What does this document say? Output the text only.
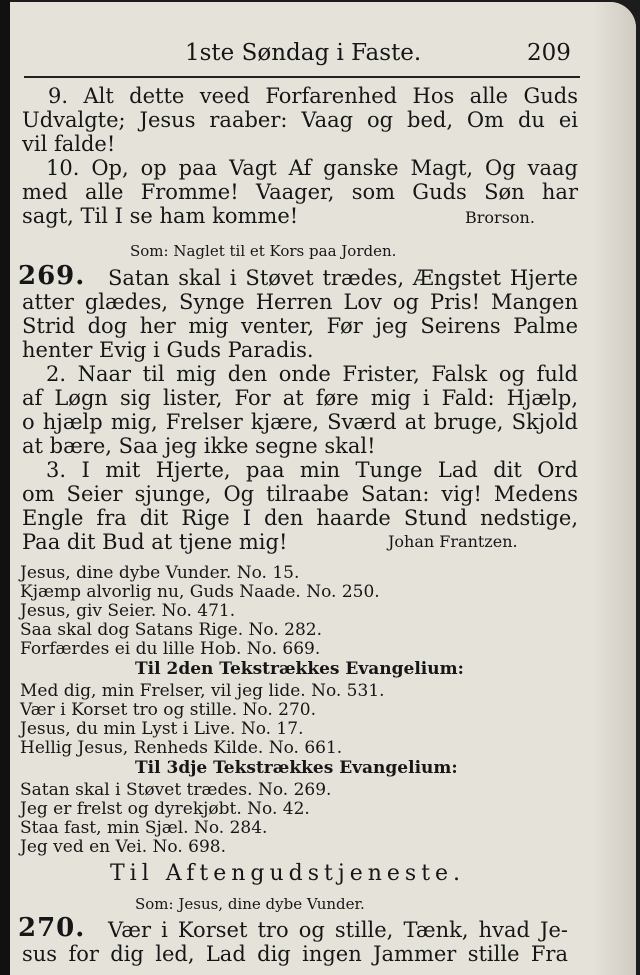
1ste Søndag i Faste.	209
9. Alt dette veed Forfarenhed Hos alle Guds
Udvalgte; Jesus raaber: Vaag og bed, Om du ei
vil falde!
10. Op, op paa Vagt Af ganske Magt, Og vaag
med alle Fromme! Vaager, som Guds Søn har
sagt, Til I se ham komme!	Brorson.
Som: Naglet til et Kors paa Jorden.
269. Satan skal i Støvet trædes, Ængstet Hjerte
atter glædes, Synge Herren Lov og Pris! Mangen
Strid dog her mig venter, Før jeg Seirens Palme
henter Evig i Guds Paradis.
2. Naar til mig den onde Frister, Falsk og fuld
af Løgn sig lister, For at føre mig i Fald: Hjælp,
o hjælp mig, Frelser kjære, Sværd at bruge, Skjold
at bære, Saa jeg ikke segne skal!
3. I mit Hjerte, paa min Tunge Lad dit Ord
om Seier sjunge, Og tilraabe Satan: vig! Medens
Engle fra dit Rige I den haarde Stund nedstige,
Paa dit Bud at tjene mig!	Johan Frantzen.
Jesus, dine dybe Vunder. No. 15.
Kjæmp alvorlig nu, Guds Naade. No. 250.
Jesus, giv Seier. No. 471.
Saa skal dog Satans Rige. No. 282.
Forfærdes ei du lille Hob. No. 669.
Til 2den Tekstrækkes Evangelium:
Med dig, min Frelser, vil jeg lide. No. 531.
Vær i Korset tro og stille. No. 270.
Jesus, du min Lyst i Live. No. 17.
Hellig Jesus, Renheds Kilde. No. 661.
Til 3dje Tekstrækkes Evangelium:
Satan skal i Støvet trædes. No. 269.
Jeg er frelst og dyrekjøbt. No. 42.
Staa fast, min Sjæl. No. 284.
Jeg ved en Vei. No. 698.
Til Aftengudstjeneste.
Som: Jesus, dine dybe Vunder.
270. Vær i Korset tro og stille, Tænk, hvad Je-
sus for dig led, Lad dig ingen Jammer stille Fra
